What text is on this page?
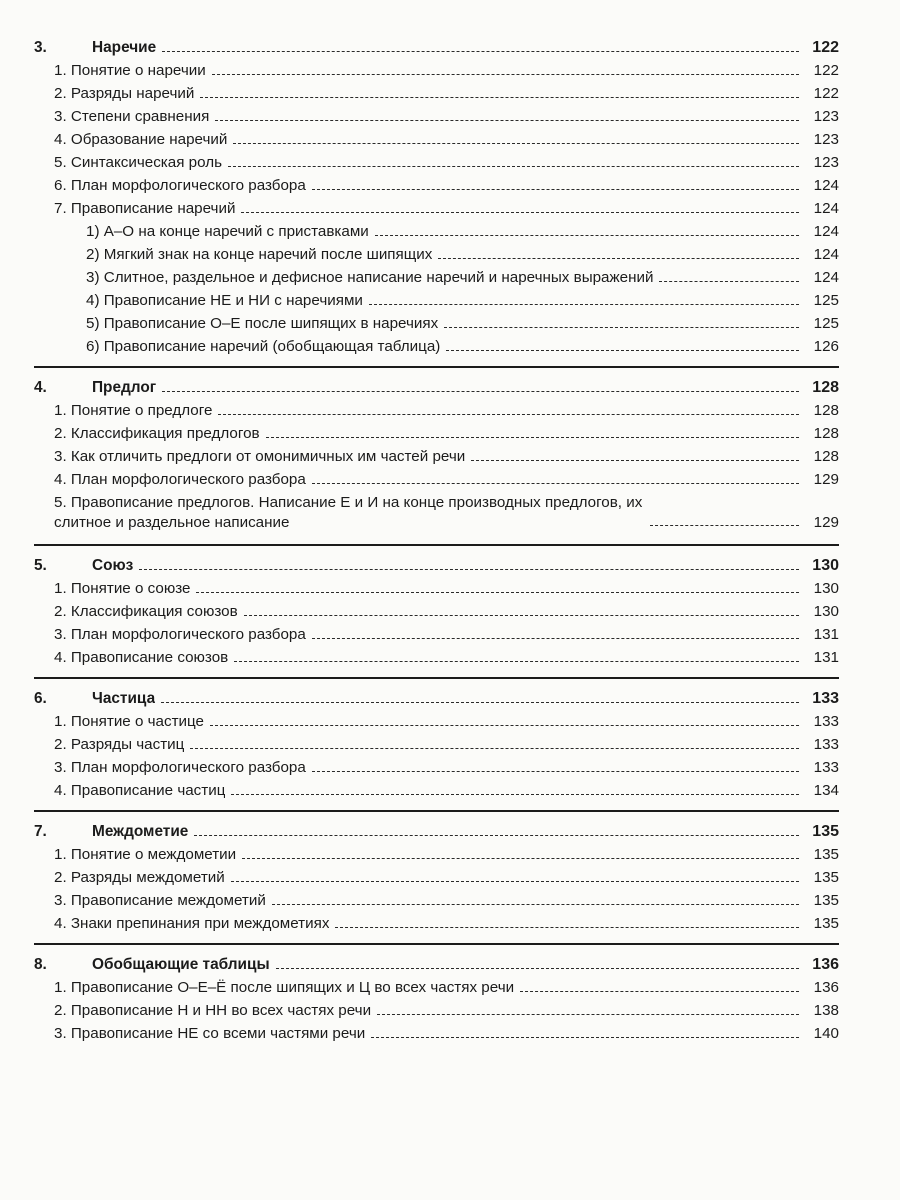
3.	Наречие	122
1. Понятие о наречии	122
2. Разряды наречий	122
3. Степени сравнения	123
4. Образование наречий	123
5. Синтаксическая роль	123
6. План морфологического разбора	124
7. Правописание наречий	124
1) А–О на конце наречий с приставками	124
2) Мягкий знак на конце наречий после шипящих	124
3) Слитное, раздельное и дефисное написание наречий и наречных выражений	124
4) Правописание НЕ и НИ с наречиями	125
5) Правописание О–Е после шипящих в наречиях	125
6) Правописание наречий (обобщающая таблица)	126
4.	Предлог	128
1. Понятие о предлоге	128
2. Классификация предлогов	128
3. Как отличить предлоги от омонимичных им частей речи	128
4. План морфологического разбора	129
5. Правописание предлогов. Написание Е и И на конце производных предлогов, их слитное и раздельное написание	129
5.	Союз	130
1. Понятие о союзе	130
2. Классификация союзов	130
3. План морфологического разбора	131
4. Правописание союзов	131
6.	Частица	133
1. Понятие о частице	133
2. Разряды частиц	133
3. План морфологического разбора	133
4. Правописание частиц	134
7.	Междометие	135
1. Понятие о междометии	135
2. Разряды междометий	135
3. Правописание междометий	135
4. Знаки препинания при междометиях	135
8.	Обобщающие таблицы	136
1. Правописание О–Е–Ё после шипящих и Ц во всех частях речи	136
2. Правописание Н и НН во всех частях речи	138
3. Правописание НЕ со всеми частями речи	140
